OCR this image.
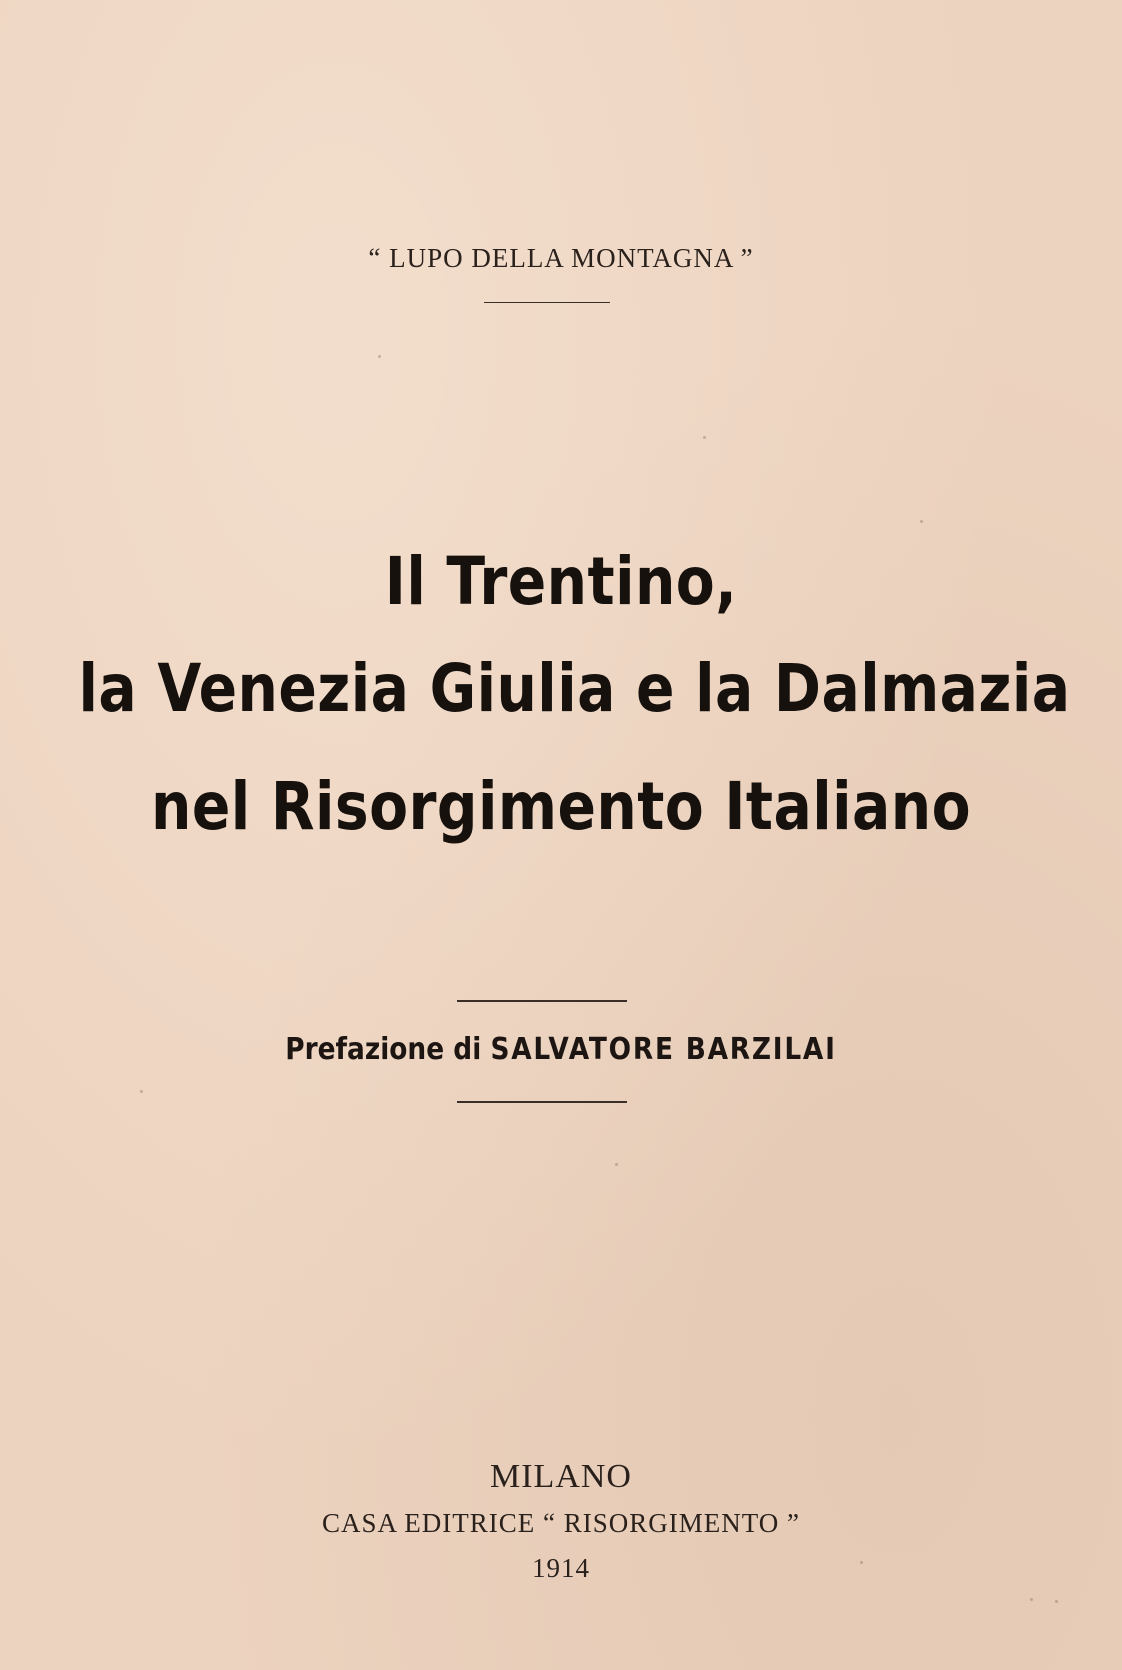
“ LUPO DELLA MONTAGNA ”
Il Trentino,
la Venezia Giulia e la Dalmazia
nel Risorgimento Italiano
Prefazione di SALVATORE BARZILAI
MILANO
CASA EDITRICE “ RISORGIMENTO ”
1914
